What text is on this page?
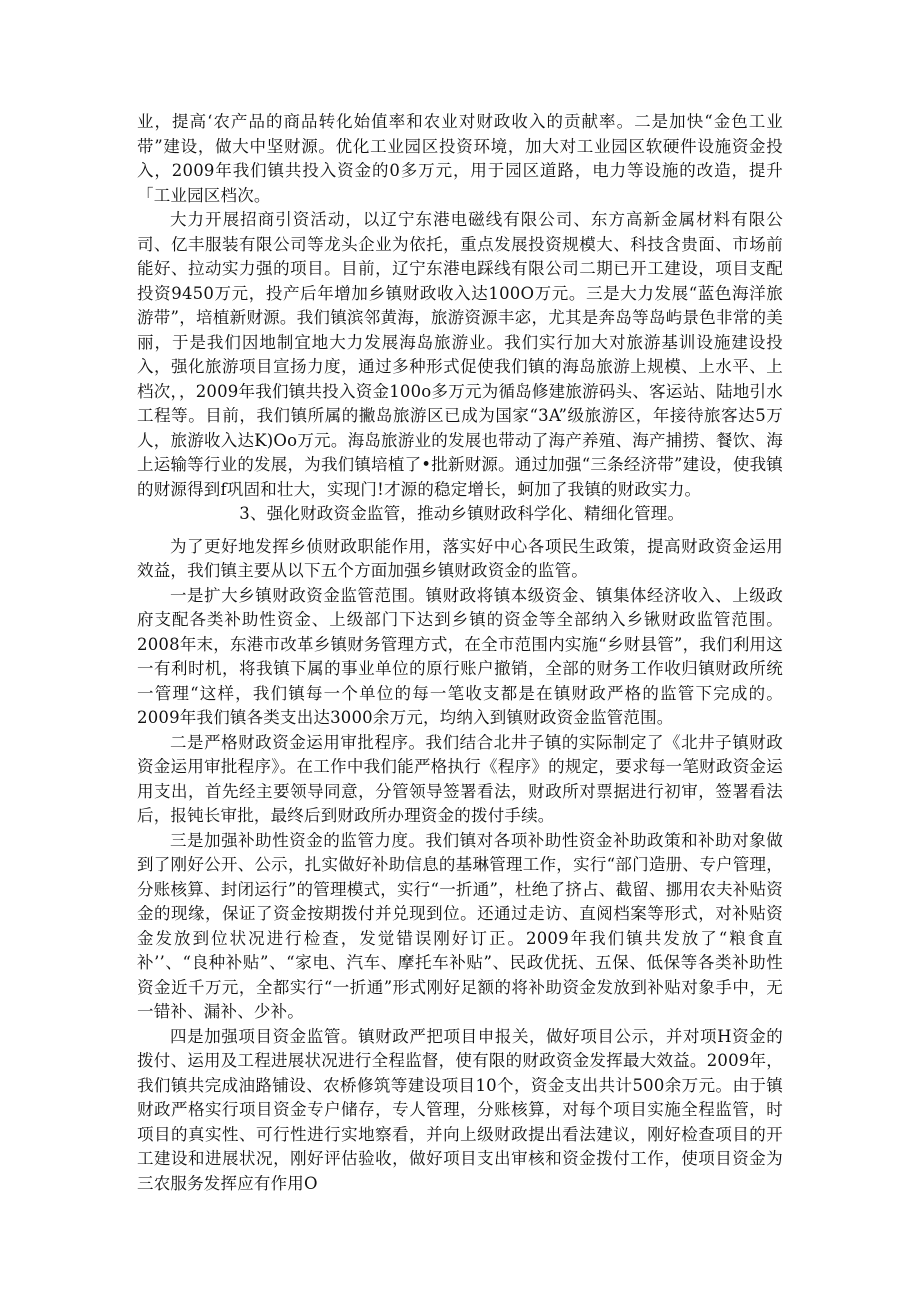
业，提高‘农产品的商品转化始值率和农业对财政收入的贡献率。二是加快“金色工业带”建设，做大中坚财源。优化工业园区投资环境，加大对工业园区软硬件设施资金投入，2009年我们镇共投入资金的0多万元，用于园区道路，电力等设施的改造，提升「工业园区档次。

大力开展招商引资活动，以辽宁东港电磁线有限公司、东方高新金属材料有限公司、亿丰服装有限公司等龙头企业为依托，重点发展投资规模大、科技含贵面、市场前能好、拉动实力强的项目。目前，辽宁东港电踩线有限公司二期已开工建设，项目支配投资9450万元，投产后年增加乡镇财政收入达100O万元。三是大力发展“蓝色海洋旅游带”，培植新财源。我们镇滨邻黄海，旅游资源丰宓，尤其是奔岛等岛屿景色非常的美丽，于是我们因地制宜地大力发展海岛旅游业。我们实行加大对旅游基训设施建设投入，强化旅游项目宣扬力度，通过多种形式促使我们镇的海岛旅游上规模、上水平、上档次，，2009年我们镇共投入资金100o多万元为循岛修建旅游码头、客运站、陆地引水工程等。目前，我们镇所属的撇岛旅游区已成为国家“3A”级旅游区，年接待旅客达5万人，旅游收入达K)Oo万元。海岛旅游业的发展也带动了海产养殖、海产捕捞、餐饮、海上运输等行业的发展，为我们镇培植了•批新财源。通过加强“三条经济带”建设，使我镇的财源得到f巩固和壮大，实现门!才源的稳定增长，蚵加了我镇的财政实力。

3、强化财政资金监管，推动乡镇财政科学化、精细化管理。

为了更好地发挥乡侦财政职能作用，落实好中心各项民生政策，提高财政资金运用效益，我们镇主要从以下五个方面加强乡镇财政资金的监管。

一是扩大乡镇财政资金监管范围。镇财政将镇本级资金、镇集体经济收入、上级政府支配各类补助性资金、上级部门下达到乡镇的资金等全部纳入乡锹财政监管范围。2008年末，东港市改革乡镇财务管理方式，在全市范围内实施“乡财县管”，我们利用这一有利时机，将我镇下属的事业单位的原行账户撤销，全部的财务工作收归镇财政所统一管理“这样，我们镇每一个单位的每一笔收支都是在镇财政严格的监管下完成的。2009年我们镇各类支出达3000余万元，均纳入到镇财政资金监管范围。

二是严格财政资金运用审批程序。我们结合北井子镇的实际制定了《北井子镇财政资金运用审批程序》。在工作中我们能严格执行《程序》的规定，要求每一笔财政资金运用支出，首先经主要领导同意，分管领导签署看法，财政所对票据进行初审，签署看法后，报钝长审批，最终后到财政所办理资金的拨付手续。

三是加强补助性资金的监管力度。我们镇对各项补助性资金补助政策和补助对象做到了刚好公开、公示，扎实做好补助信息的基琳管理工作，实行“部门造册、专户管理，分账核算、封闭运行”的管理模式，实行“一折通”，杜绝了挤占、截留、挪用农夫补贴资金的现缘，保证了资金按期拨付并兑现到位。还通过走访、直阅档案等形式，对补贴资金发放到位状况进行检查，发觉错误刚好订正。2009年我们镇共发放了“粮食直补’’、“良种补贴”、“家电、汽车、摩托车补贴”、民政优抚、五保、低保等各类补助性资金近千万元，全都实行“一折通”形式刚好足额的将补助资金发放到补贴对象手中，无一错补、漏补、少补。

四是加强项目资金监管。镇财政严把项目申报关，做好项目公示，并对项H资金的拨付、运用及工程进展状况进行全程监督，使有限的财政资金发挥最大效益。2009年，我们镇共完成油路铺设、农桥修筑等建设项目10个，资金支出共计500余万元。由于镇财政严格实行项目资金专户储存，专人管理，分账核算，对每个项目实施全程监管，时项目的真实性、可行性进行实地察看，并向上级财政提出看法建议，刚好检查项目的开工建设和进展状况，刚好评估验收，做好项目支出审核和资金拨付工作，使项目资金为三农服务发挥应有作用O
